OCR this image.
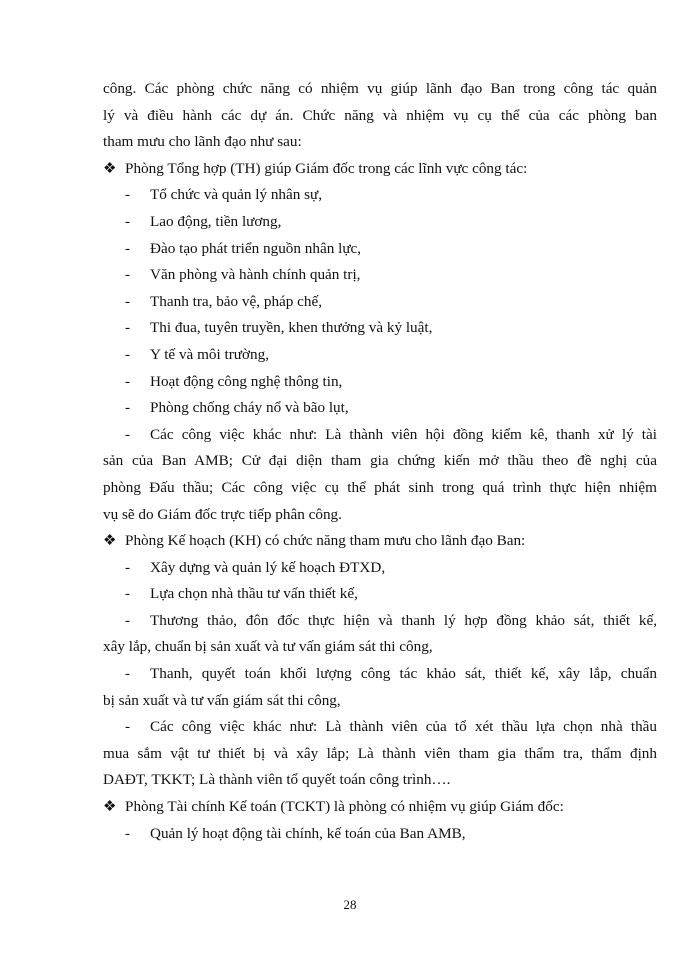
công. Các phòng chức năng có nhiệm vụ giúp lãnh đạo Ban trong công tác quản
lý và điều hành các dự án. Chức năng và nhiệm vụ cụ thể của các phòng ban
tham mưu cho lãnh đạo như sau:
❖ Phòng Tổng hợp (TH) giúp Giám đốc trong các lĩnh vực công tác:
-	Tổ chức và quản lý nhân sự,
-	Lao động, tiền lương,
-	Đào tạo phát triển nguồn nhân lực,
-	Văn phòng và hành chính quản trị,
-	Thanh tra, bảo vệ, pháp chế,
-	Thi đua, tuyên truyền, khen thưởng và kỷ luật,
-	Y tế và môi trường,
-	Hoạt động công nghệ thông tin,
-	Phòng chống cháy nổ và bão lụt,
-	Các công việc khác như: Là thành viên hội đồng kiểm kê, thanh xử lý tài
sản của Ban AMB; Cử đại diện tham gia chứng kiến mở thầu theo đề nghị của
phòng Đấu thầu; Các công việc cụ thể phát sinh trong quá trình thực hiện nhiệm
vụ sẽ do Giám đốc trực tiếp phân công.
❖ Phòng Kế hoạch (KH) có chức năng tham mưu cho lãnh đạo Ban:
-	Xây dựng và quản lý kế hoạch ĐTXD,
-	Lựa chọn nhà thầu tư vấn thiết kế,
-	Thương thảo, đôn đốc thực hiện và thanh lý hợp đồng khảo sát, thiết kế,
xây lắp, chuẩn bị sản xuất và tư vấn giám sát thi công,
-	Thanh, quyết toán khối lượng công tác khảo sát, thiết kế, xây lắp, chuẩn
bị sản xuất và tư vấn giám sát thi công,
-	Các công việc khác như: Là thành viên của tổ xét thầu lựa chọn nhà thầu
mua sắm vật tư thiết bị và xây lắp; Là thành viên tham gia thẩm tra, thẩm định
DAĐT, TKKT; Là thành viên tổ quyết toán công trình….
❖ Phòng Tài chính Kế toán (TCKT) là phòng có nhiệm vụ giúp Giám đốc:
-	Quản lý hoạt động tài chính, kế toán của Ban AMB,
28
